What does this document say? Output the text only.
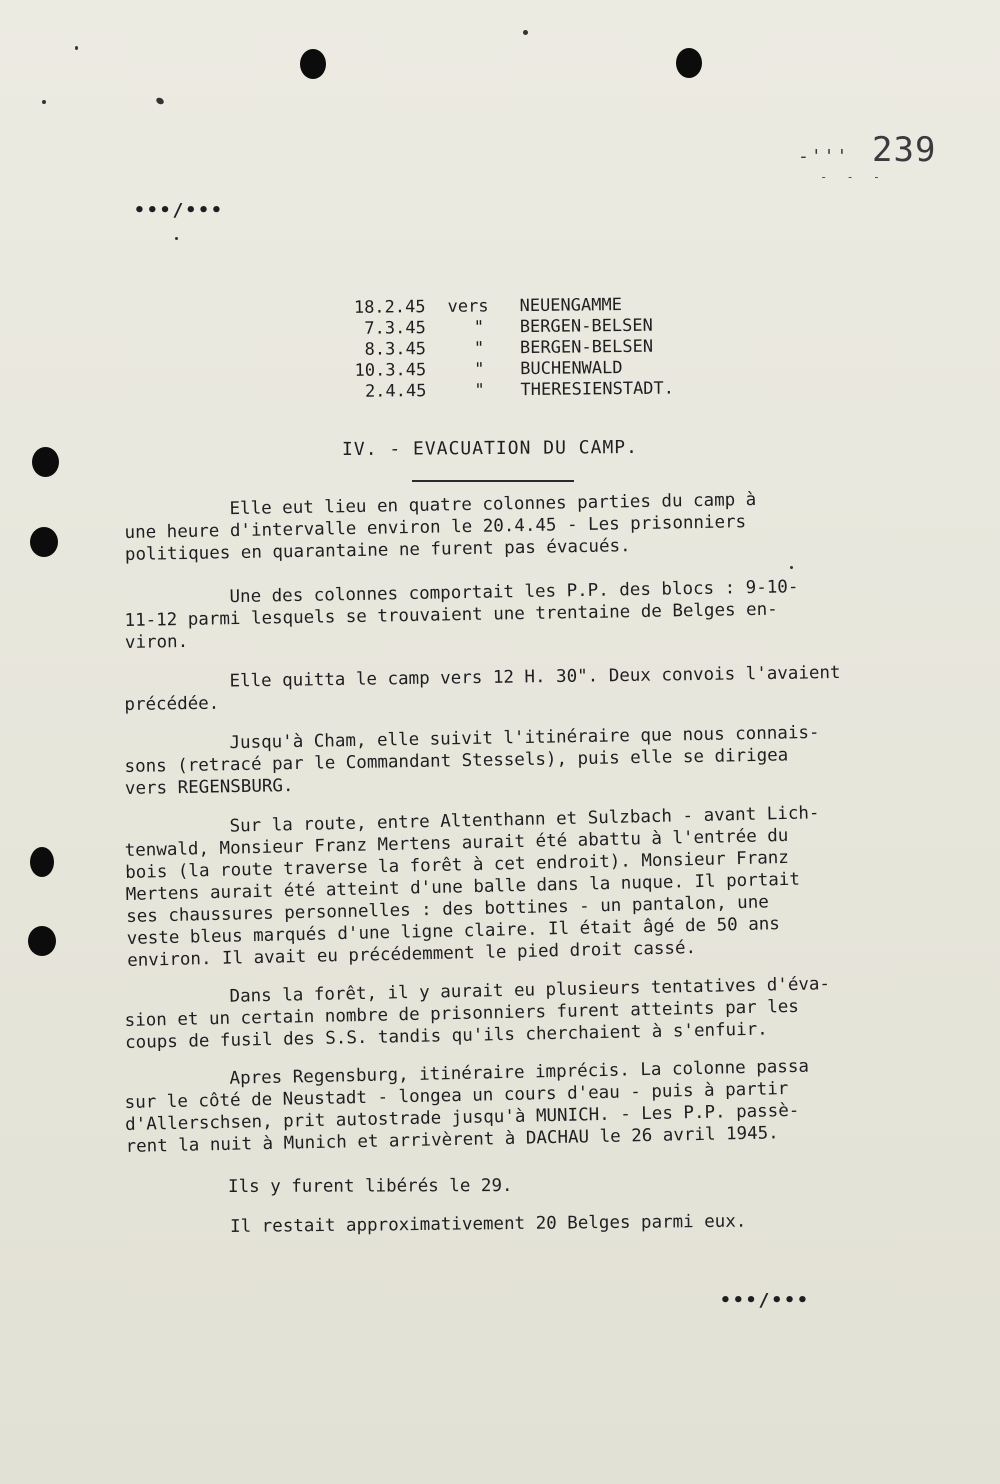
-''' 239
- - -
•••/•••
18.2.45 vers NEUENGAMME
7.3.45	" BERGEN-BELSEN
8.3.45	" BERGEN-BELSEN
10.3.45	" BUCHENWALD
2.4.45	" THERESIENSTADT.
IV. - EVACUATION DU CAMP.
Elle eut lieu en quatre colonnes parties du camp à
une heure d'intervalle environ le 20.4.45 - Les prisonniers
politiques en quarantaine ne furent pas évacués.
Une des colonnes comportait les P.P. des blocs : 9-10-
11-12 parmi lesquels se trouvaient une trentaine de Belges en-
viron.
Elle quitta le camp vers 12 H. 30". Deux convois l'avaient
précédée.
Jusqu'à Cham, elle suivit l'itinéraire que nous connais-
sons (retracé par le Commandant Stessels), puis elle se dirigea
vers REGENSBURG.
Sur la route, entre Altenthann et Sulzbach - avant Lich-
tenwald, Monsieur Franz Mertens aurait été abattu à l'entrée du
bois (la route traverse la forêt à cet endroit). Monsieur Franz
Mertens aurait été atteint d'une balle dans la nuque. Il portait
ses chaussures personnelles : des bottines - un pantalon, une
veste bleus marqués d'une ligne claire. Il était âgé de 50 ans
environ. Il avait eu précédemment le pied droit cassé.
Dans la forêt, il y aurait eu plusieurs tentatives d'éva-
sion et un certain nombre de prisonniers furent atteints par les
coups de fusil des S.S. tandis qu'ils cherchaient à s'enfuir.
Apres Regensburg, itinéraire imprécis. La colonne passa
sur le côté de Neustadt - longea un cours d'eau - puis à partir
d'Allerschsen, prit autostrade jusqu'à MUNICH. - Les P.P. passè-
rent la nuit à Munich et arrivèrent à DACHAU le 26 avril 1945.
Ils y furent libérés le 29.
Il restait approximativement 20 Belges parmi eux.
•••/•••
